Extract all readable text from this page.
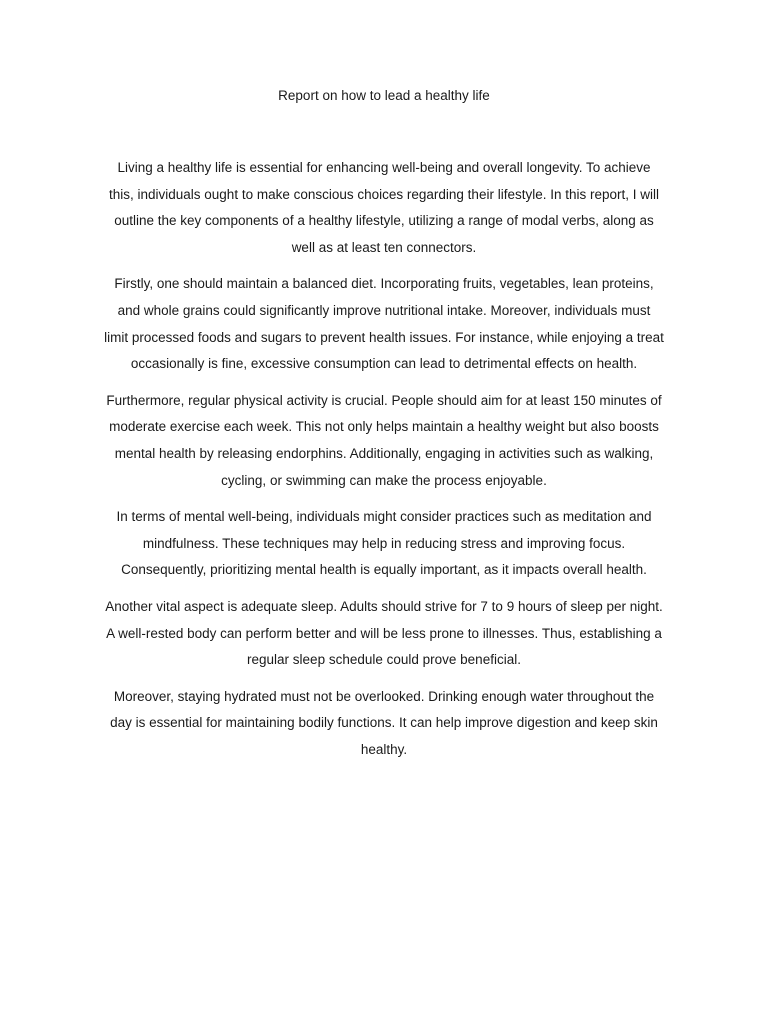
Report on how to lead a healthy life

Living a healthy life is essential for enhancing well-being and overall longevity. To achieve this, individuals ought to make conscious choices regarding their lifestyle. In this report, I will outline the key components of a healthy lifestyle, utilizing a range of modal verbs, along as well as at least ten connectors.

Firstly, one should maintain a balanced diet. Incorporating fruits, vegetables, lean proteins, and whole grains could significantly improve nutritional intake. Moreover, individuals must limit processed foods and sugars to prevent health issues. For instance, while enjoying a treat occasionally is fine, excessive consumption can lead to detrimental effects on health.

Furthermore, regular physical activity is crucial. People should aim for at least 150 minutes of moderate exercise each week. This not only helps maintain a healthy weight but also boosts mental health by releasing endorphins. Additionally, engaging in activities such as walking, cycling, or swimming can make the process enjoyable.

In terms of mental well-being, individuals might consider practices such as meditation and mindfulness. These techniques may help in reducing stress and improving focus. Consequently, prioritizing mental health is equally important, as it impacts overall health.

Another vital aspect is adequate sleep. Adults should strive for 7 to 9 hours of sleep per night. A well-rested body can perform better and will be less prone to illnesses. Thus, establishing a regular sleep schedule could prove beneficial.

Moreover, staying hydrated must not be overlooked. Drinking enough water throughout the day is essential for maintaining bodily functions. It can help improve digestion and keep skin healthy.
